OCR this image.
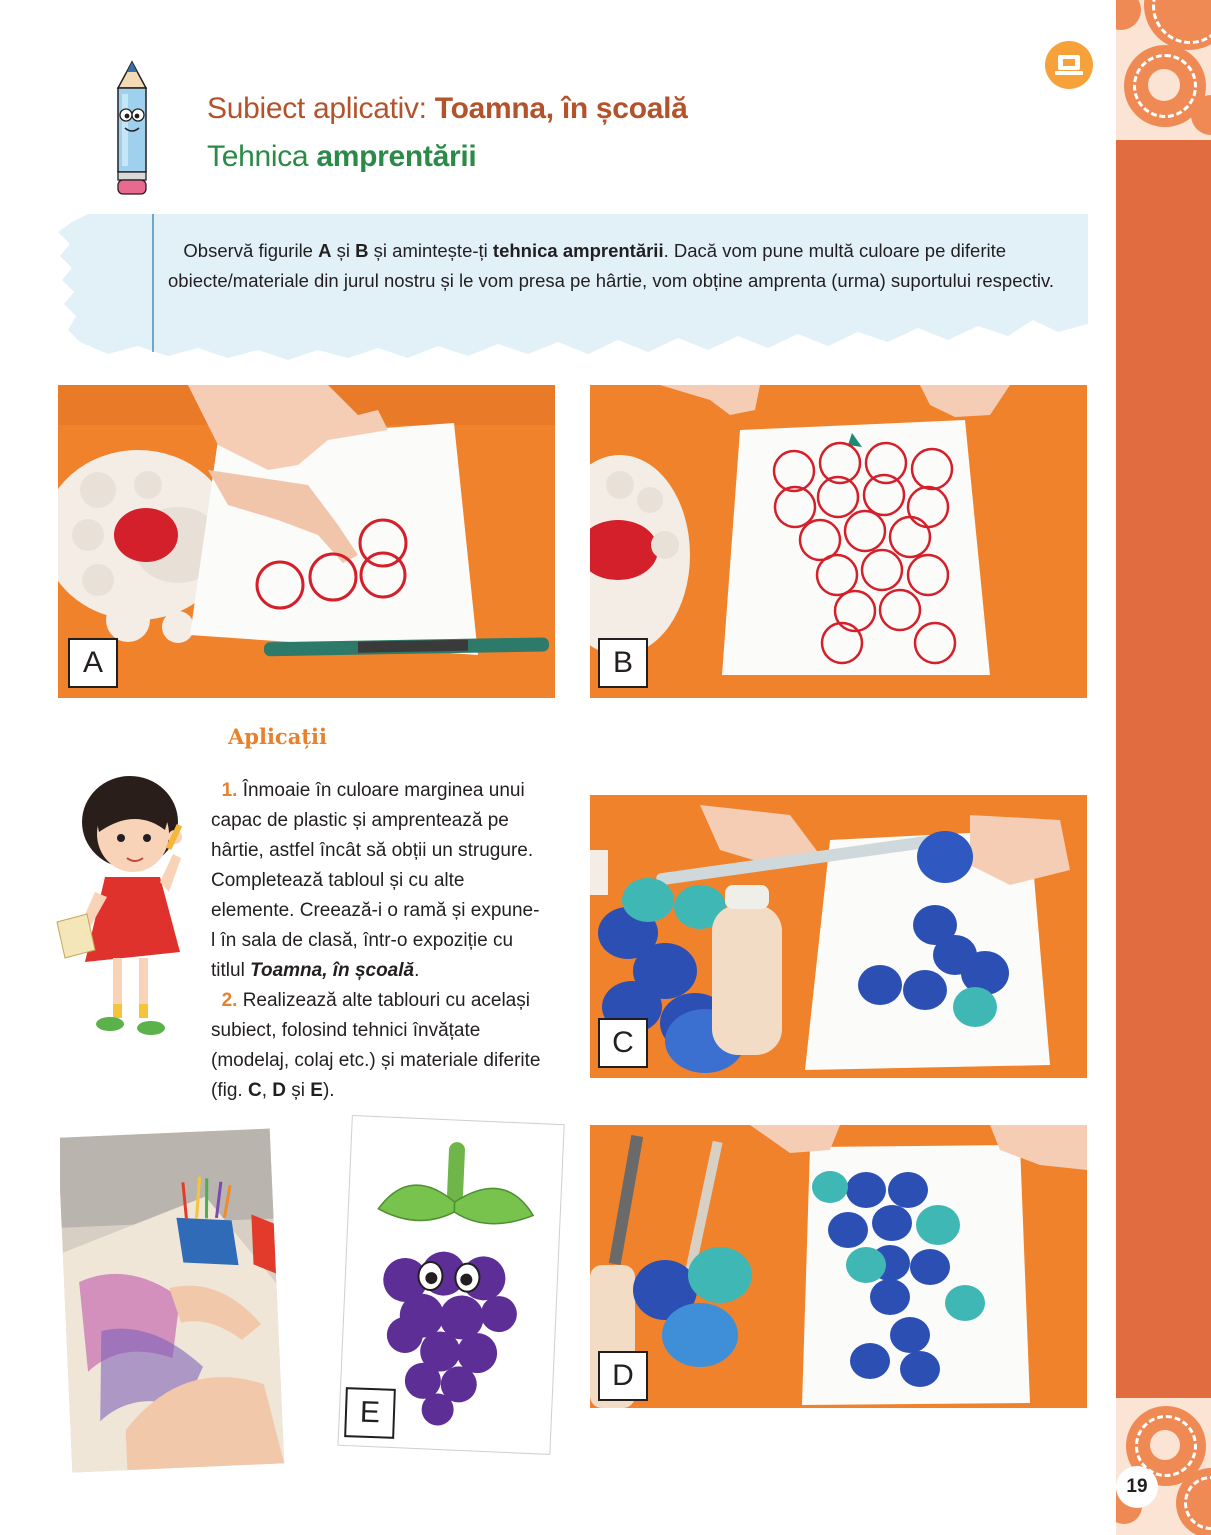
19
Subiect aplicativ: Toamna, în școală
Tehnica amprentării
Observă figurile A și B și amintește-ți tehnica amprentării. Dacă vom pune multă culoare pe diferite obiecte/materiale din jurul nostru și le vom presa pe hârtie, vom obține amprenta (urma) suportului respectiv.
A	B
Aplicații
1. Înmoaie în culoare marginea unui capac de plastic și amprentează pe hârtie, astfel încât să obții un strugure. Completează tabloul și cu alte elemente. Creează-i o ramă și expune-l în sala de clasă, într-o expoziție cu titlul Toamna, în școală.
2. Realizează alte tablouri cu același subiect, folosind tehnici învățate (modelaj, colaj etc.) și materiale diferite (fig. C, D și E).
C
D
E
